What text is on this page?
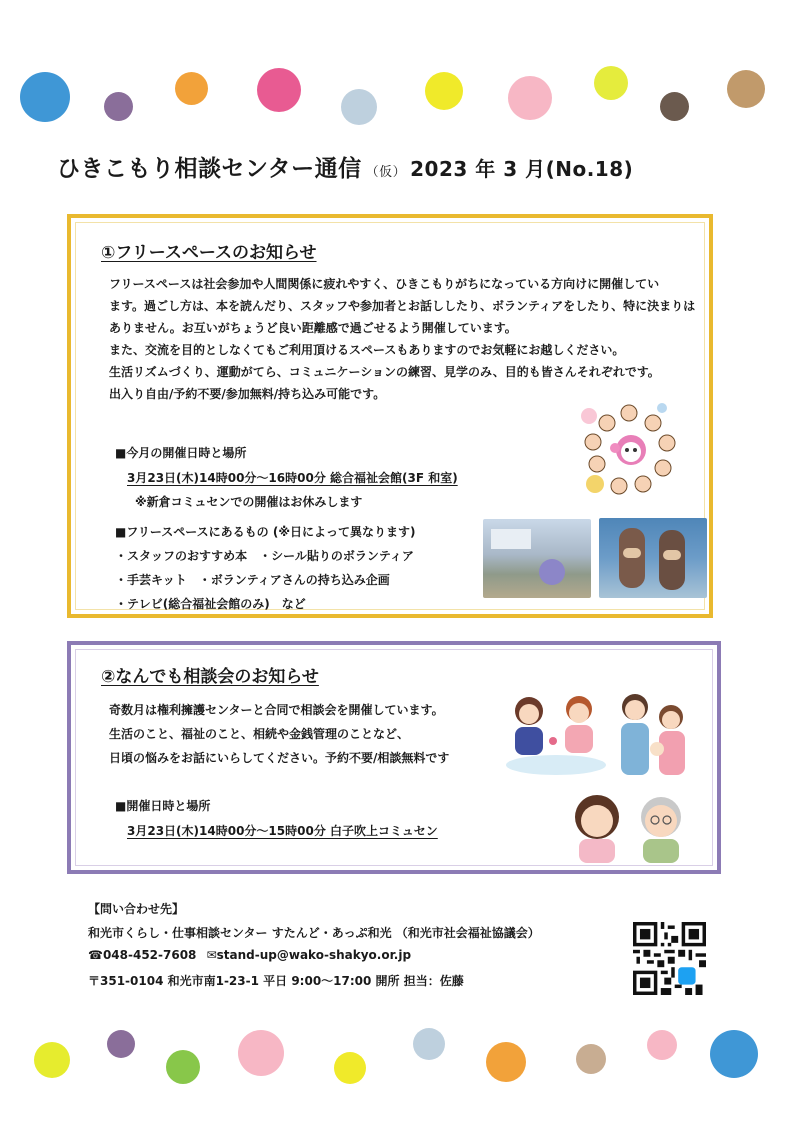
ひきこもり相談センター通信 （仮） 2023 年 3 月(No.18)
①フリースペースのお知らせ
フリースペースは社会参加や人間関係に疲れやすく、ひきこもりがちになっている方向けに開催してい
ます。過ごし方は、本を読んだり、スタッフや参加者とお話ししたり、ボランティアをしたり、特に決まりは
ありません。お互いがちょうど良い距離感で過ごせるよう開催しています。
また、交流を目的としなくてもご利用頂けるスペースもありますのでお気軽にお越しください。
生活リズムづくり、運動がてら、コミュニケーションの練習、見学のみ、目的も皆さんそれぞれです。
出入り自由/予約不要/参加無料/持ち込み可能です。
■今月の開催日時と場所
3月23日(木)14時00分～16時00分 総合福祉会館(3F 和室)
※新倉コミュセンでの開催はお休みします
■フリースペースにあるもの (※日によって異なります)
・スタッフのおすすめ本　・シール貼りのボランティア
・手芸キット　・ボランティアさんの持ち込み企画
・テレビ(総合福祉会館のみ)　など
②なんでも相談会のお知らせ
奇数月は権利擁護センターと合同で相談会を開催しています。
生活のこと、福祉のこと、相続や金銭管理のことなど、
日頃の悩みをお話にいらしてください。予約不要/相談無料です
■開催日時と場所
3月23日(木)14時00分～15時00分 白子吹上コミュセン
【問い合わせ先】
和光市くらし・仕事相談センター すたんど・あっぷ和光 （和光市社会福祉協議会）
☎048-452-7608 ✉stand-up@wako-shakyo.or.jp
〒351-0104 和光市南1-23-1 平日 9:00～17:00 開所 担当：佐藤
